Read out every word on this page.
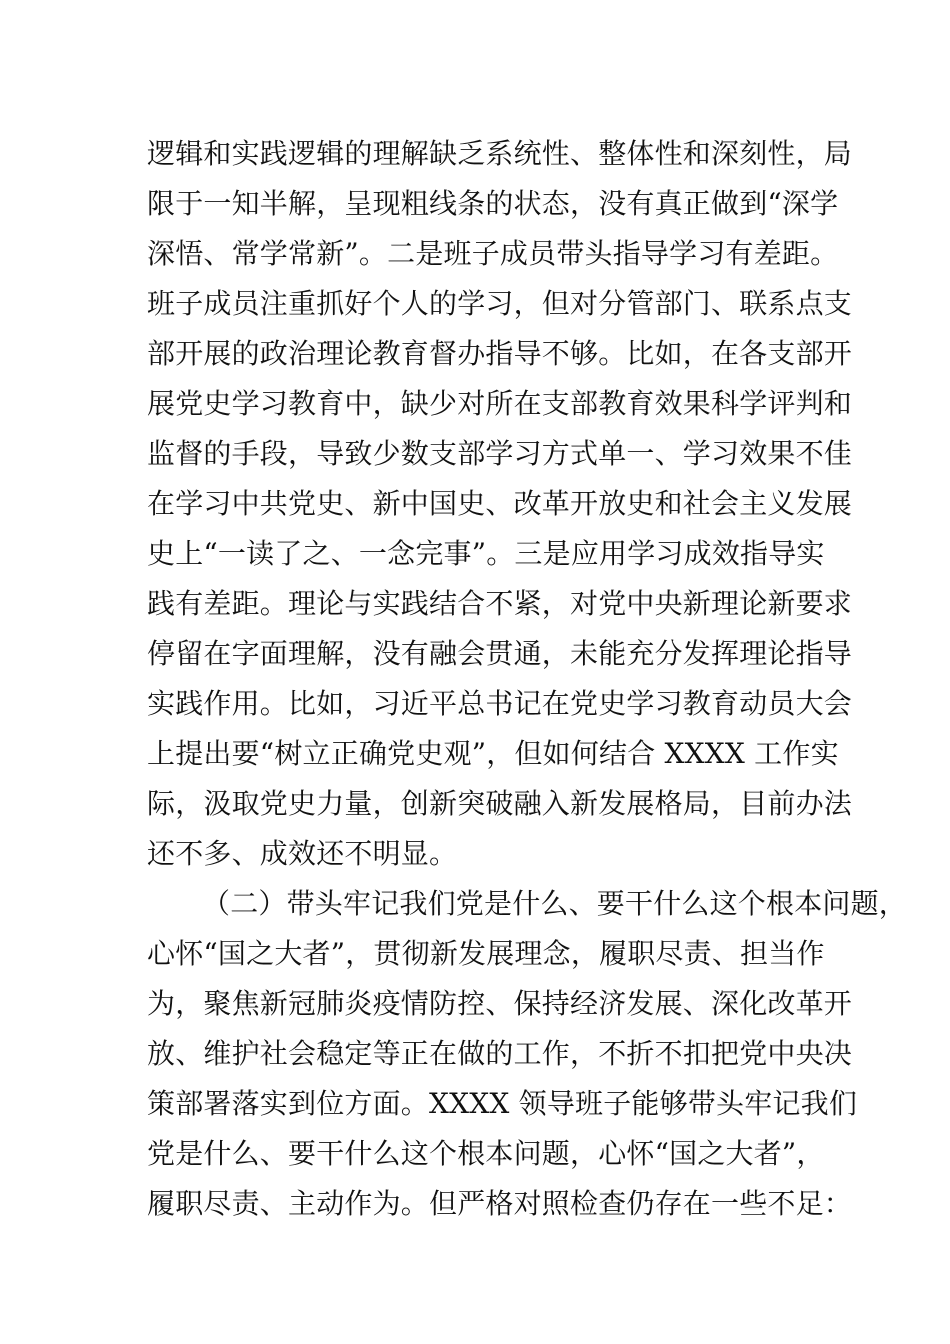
逻辑和实践逻辑的理解缺乏系统性、整体性和深刻性，局
限于一知半解，呈现粗线条的状态，没有真正做到“深学
深悟、常学常新”。二是班子成员带头指导学习有差距。
班子成员注重抓好个人的学习，但对分管部门、联系点支
部开展的政治理论教育督办指导不够。比如，在各支部开
展党史学习教育中，缺少对所在支部教育效果科学评判和
监督的手段，导致少数支部学习方式单一、学习效果不佳
在学习中共党史、新中国史、改革开放史和社会主义发展
史上“一读了之、一念完事”。三是应用学习成效指导实
践有差距。理论与实践结合不紧，对党中央新理论新要求
停留在字面理解，没有融会贯通，未能充分发挥理论指导
实践作用。比如，习近平总书记在党史学习教育动员大会
上提出要“树立正确党史观”，但如何结合 XXXX 工作实
际，汲取党史力量，创新突破融入新发展格局，目前办法
还不多、成效还不明显。
（二）带头牢记我们党是什么、要干什么这个根本问题，
心怀“国之大者”，贯彻新发展理念，履职尽责、担当作
为，聚焦新冠肺炎疫情防控、保持经济发展、深化改革开
放、维护社会稳定等正在做的工作，不折不扣把党中央决
策部署落实到位方面。XXXX 领导班子能够带头牢记我们
党是什么、要干什么这个根本问题，心怀“国之大者”，
履职尽责、主动作为。但严格对照检查仍存在一些不足：
